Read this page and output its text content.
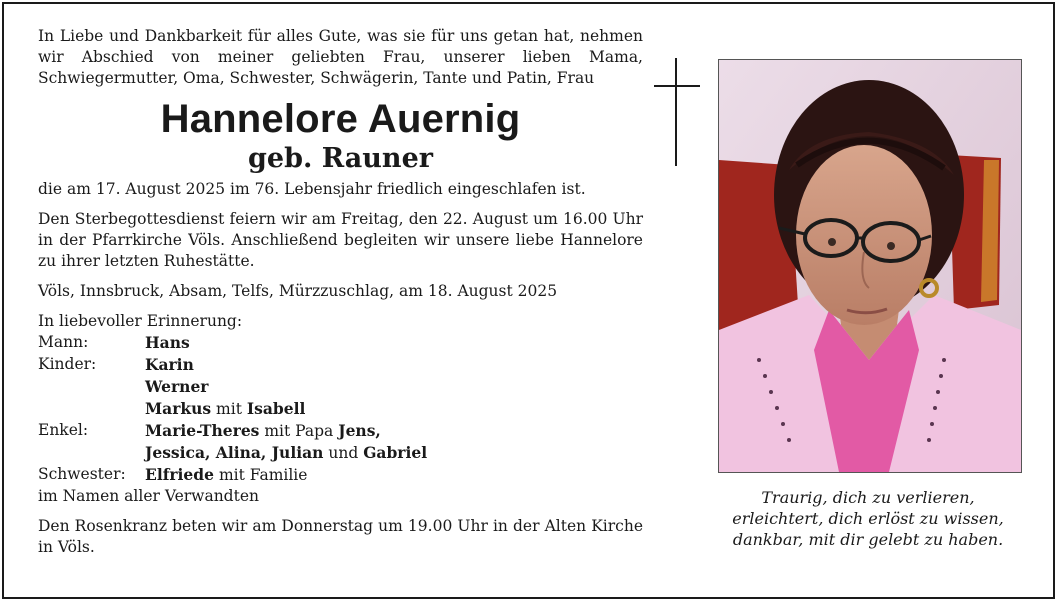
In Liebe und Dankbarkeit für alles Gute, was sie für uns getan hat, nehmen wir Abschied von meiner geliebten Frau, unserer lieben Mama, Schwiegermutter, Oma, Schwester, Schwägerin, Tante und Patin, Frau

Hannelore Auernig
geb. Rauner

die am 17. August 2025 im 76. Lebensjahr friedlich eingeschlafen ist.

Den Sterbegottesdienst feiern wir am Freitag, den 22. August um 16.00 Uhr in der Pfarrkirche Völs. Anschließend begleiten wir unsere liebe Hannelore zu ihrer letzten Ruhestätte.

Völs, Innsbruck, Absam, Telfs, Mürzzuschlag, am 18. August 2025

In liebevoller Erinnerung:

Mann:	Hans
Kinder:	Karin
Werner
Markus mit Isabell
Enkel:	Marie-Theres mit Papa Jens,
Jessica, Alina, Julian und Gabriel
Schwester:	Elfriede mit Familie

im Namen aller Verwandten

Den Rosenkranz beten wir am Donnerstag um 19.00 Uhr in der Alten Kirche in Völs.

Traurig, dich zu verlieren,
erleichtert, dich erlöst zu wissen,
dankbar, mit dir gelebt zu haben.
